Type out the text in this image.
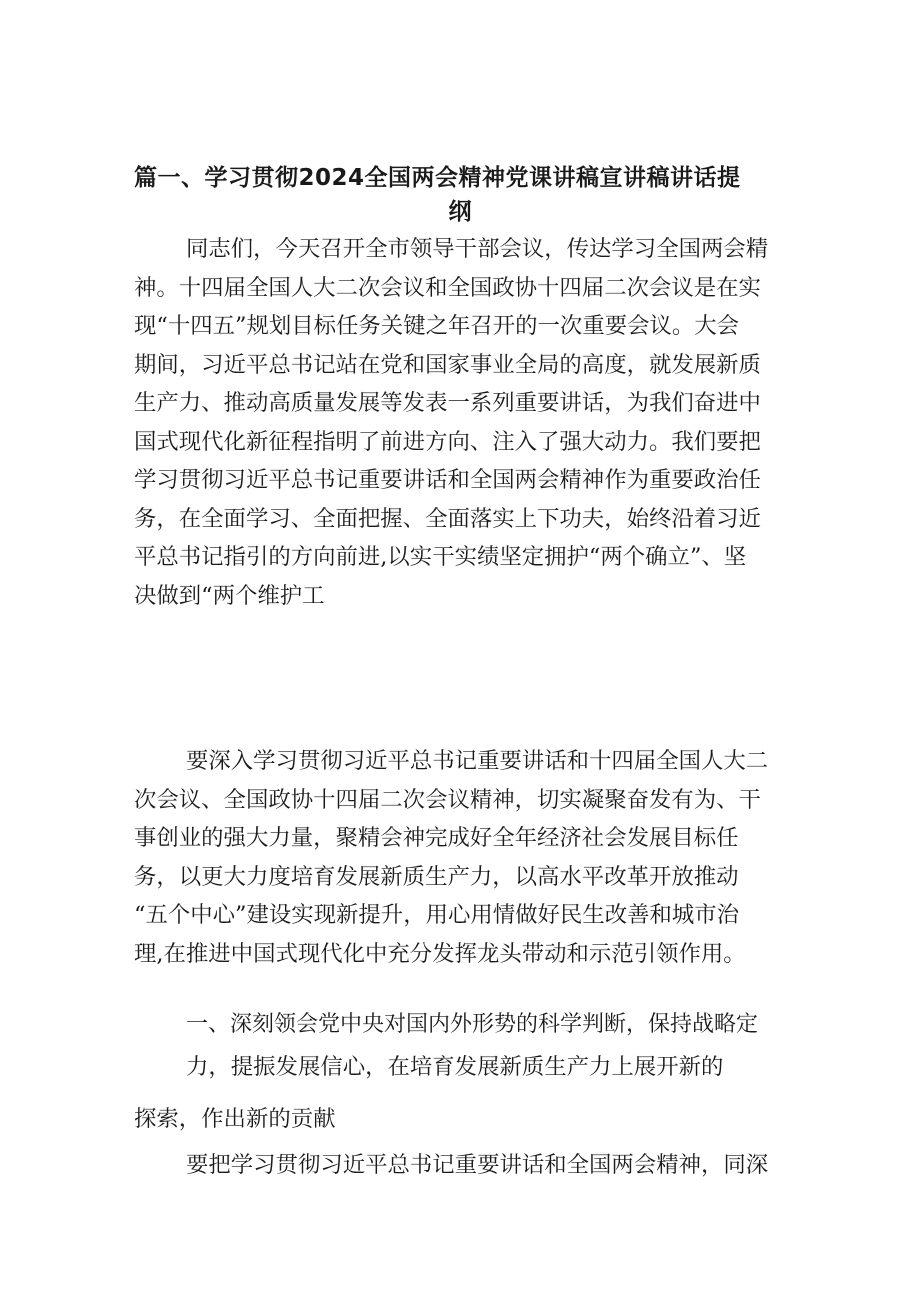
篇一、学习贯彻2024全国两会精神党课讲稿宣讲稿讲话提
纲
同志们，今天召开全市领导干部会议，传达学习全国两会精
神。十四届全国人大二次会议和全国政协十四届二次会议是在实
现“十四五”规划目标任务关键之年召开的一次重要会议。大会
期间，习近平总书记站在党和国家事业全局的高度，就发展新质
生产力、推动高质量发展等发表一系列重要讲话，为我们奋进中
国式现代化新征程指明了前进方向、注入了强大动力。我们要把
学习贯彻习近平总书记重要讲话和全国两会精神作为重要政治任
务，在全面学习、全面把握、全面落实上下功夫，始终沿着习近
平总书记指引的方向前进,以实干实绩坚定拥护“两个确立”、坚
决做到“两个维护工
要深入学习贯彻习近平总书记重要讲话和十四届全国人大二
次会议、全国政协十四届二次会议精神，切实凝聚奋发有为、干
事创业的强大力量，聚精会神完成好全年经济社会发展目标任
务，以更大力度培育发展新质生产力，以高水平改革开放推动
“五个中心”建设实现新提升，用心用情做好民生改善和城市治
理,在推进中国式现代化中充分发挥龙头带动和示范引领作用。
一、深刻领会党中央对国内外形势的科学判断，保持战略定
力，提振发展信心，在培育发展新质生产力上展开新的
探索，作出新的贡献
要把学习贯彻习近平总书记重要讲话和全国两会精神，同深
